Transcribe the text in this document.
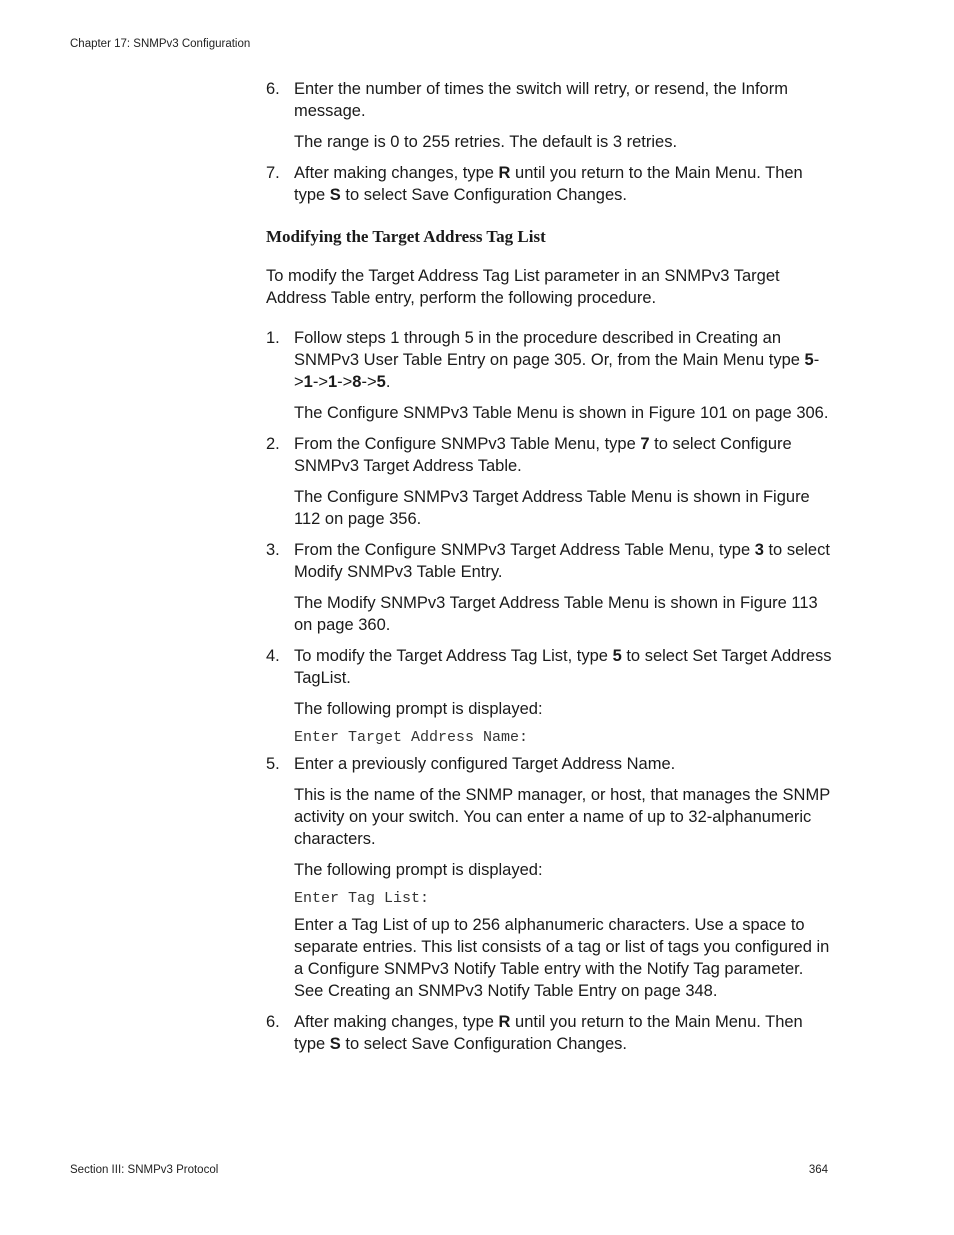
Chapter 17: SNMPv3 Configuration
6. Enter the number of times the switch will retry, or resend, the Inform message.
The range is 0 to 255 retries. The default is 3 retries.
7. After making changes, type R until you return to the Main Menu. Then type S to select Save Configuration Changes.
Modifying the Target Address Tag List
To modify the Target Address Tag List parameter in an SNMPv3 Target Address Table entry, perform the following procedure.
1. Follow steps 1 through 5 in the procedure described in Creating an SNMPv3 User Table Entry on page 305. Or, from the Main Menu type 5->1->1->8->5.
The Configure SNMPv3 Table Menu is shown in Figure 101 on page 306.
2. From the Configure SNMPv3 Table Menu, type 7 to select Configure SNMPv3 Target Address Table.
The Configure SNMPv3 Target Address Table Menu is shown in Figure 112 on page 356.
3. From the Configure SNMPv3 Target Address Table Menu, type 3 to select Modify SNMPv3 Table Entry.
The Modify SNMPv3 Target Address Table Menu is shown in Figure 113 on page 360.
4. To modify the Target Address Tag List, type 5 to select Set Target Address TagList.
The following prompt is displayed:
Enter Target Address Name:
5. Enter a previously configured Target Address Name.
This is the name of the SNMP manager, or host, that manages the SNMP activity on your switch. You can enter a name of up to 32-alphanumeric characters.
The following prompt is displayed:
Enter Tag List:
Enter a Tag List of up to 256 alphanumeric characters. Use a space to separate entries. This list consists of a tag or list of tags you configured in a Configure SNMPv3 Notify Table entry with the Notify Tag parameter. See Creating an SNMPv3 Notify Table Entry on page 348.
6. After making changes, type R until you return to the Main Menu. Then type S to select Save Configuration Changes.
Section III: SNMPv3 Protocol	364
